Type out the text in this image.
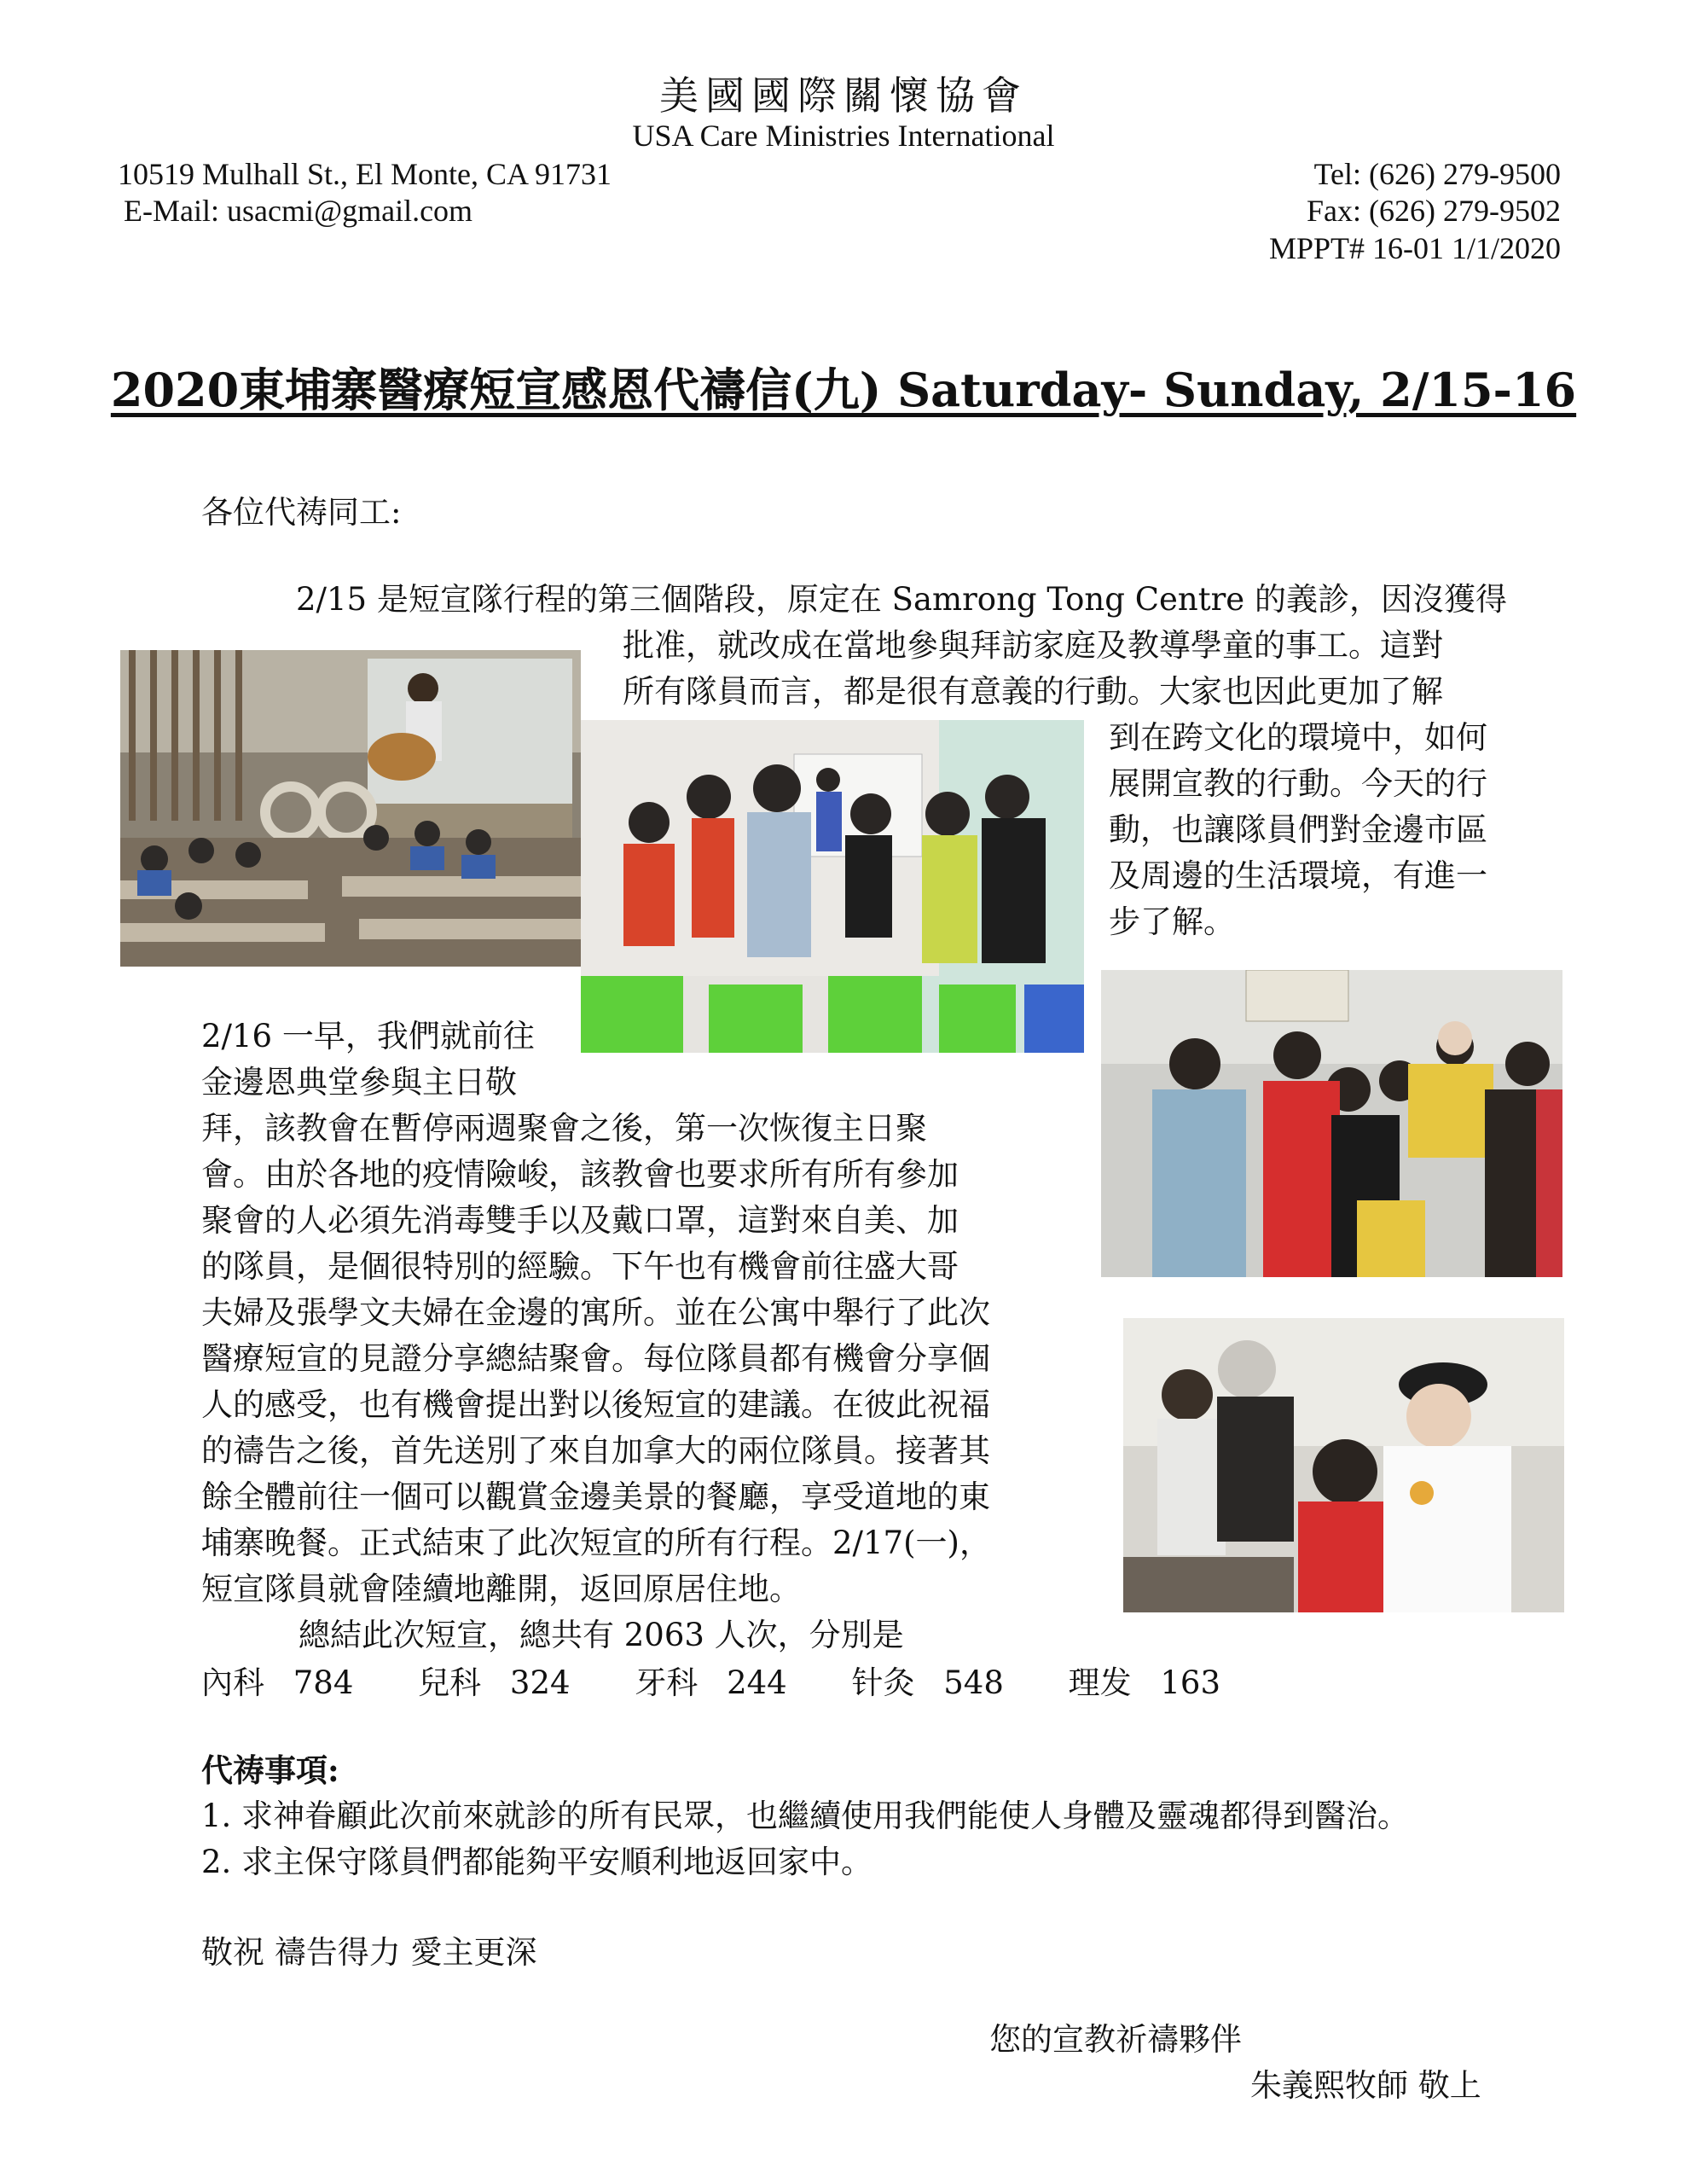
美國國際關懷協會
USA Care Ministries International
10519 Mulhall St., El Monte, CA 91731
E-Mail: usacmi@gmail.com
Tel: (626) 279-9500
Fax: (626) 279-9502
MPPT# 16-01 1/1/2020
2020東埔寨醫療短宣感恩代禱信(九) Saturday- Sunday, 2/15-16
各位代祷同工:
2/15 是短宣隊行程的第三個階段，原定在 Samrong Tong Centre 的義診，因沒獲得
批准，就改成在當地參與拜訪家庭及教導學童的事工。這對
所有隊員而言，都是很有意義的行動。大家也因此更加了解
到在跨文化的環境中，如何
展開宣教的行動。今天的行
動，也讓隊員們對金邊市區
及周邊的生活環境，有進一
步了解。
2/16 一早，我們就前往
金邊恩典堂參與主日敬
拜，該教會在暫停兩週聚會之後，第一次恢復主日聚
會。由於各地的疫情險峻，該教會也要求所有所有參加
聚會的人必須先消毒雙手以及戴口罩，這對來自美、加
的隊員，是個很特別的經驗。下午也有機會前往盛大哥
夫婦及張學文夫婦在金邊的寓所。並在公寓中舉行了此次
醫療短宣的見證分享總結聚會。每位隊員都有機會分享個
人的感受，也有機會提出對以後短宣的建議。在彼此祝福
的禱告之後，首先送別了來自加拿大的兩位隊員。接著其
餘全體前往一個可以觀賞金邊美景的餐廳，享受道地的東
埔寨晚餐。正式結束了此次短宣的所有行程。2/17(一)，
短宣隊員就會陸續地離開，返回原居住地。
總結此次短宣，總共有 2063 人次，分別是
內科 784 兒科 324 牙科 244 针灸 548 理发 163
代祷事項:
1. 求神眷顧此次前來就診的所有民眾，也繼續使用我們能使人身體及靈魂都得到醫治。
2. 求主保守隊員們都能夠平安順利地返回家中。
敬祝 禱告得力 愛主更深
您的宣教祈禱夥伴
朱義熙牧師 敬上
